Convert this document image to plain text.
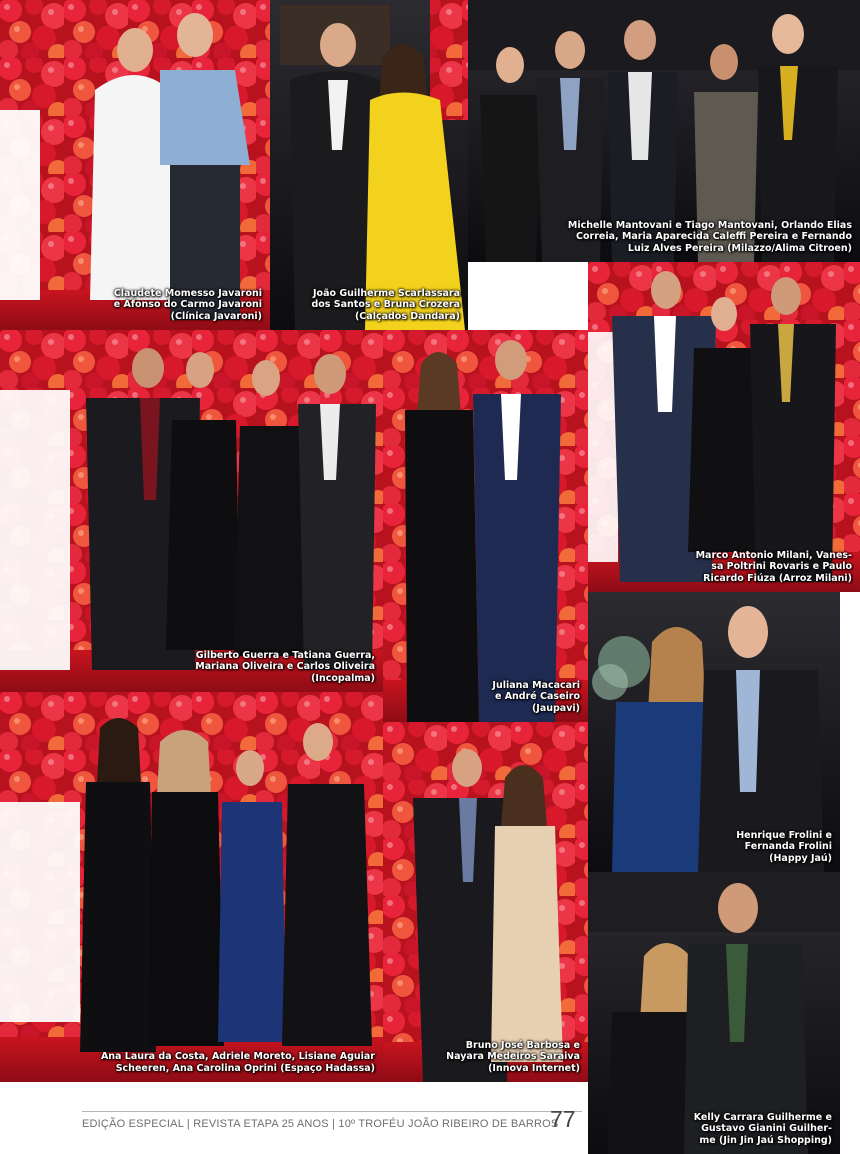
Claudete Momesso Javaroni
e Afonso do Carmo Javaroni
(Clínica Javaroni)
João Guilherme Scarlassara
dos Santos e Bruna Crozera
(Calçados Dandara)
Michelle Mantovani e Tiago Mantovani, Orlando Elias
Correia, Maria Aparecida Caleffi Pereira e Fernando
Luiz Alves Pereira (Milazzo/Alima Citroen)
Gilberto Guerra e Tatiana Guerra,
Mariana Oliveira e Carlos Oliveira
(Incopalma)
Juliana Macacari
e André Caseiro
(Jaupavi)
Marco Antonio Milani, Vanes-
sa Poltrini Rovaris e Paulo
Ricardo Fiúza (Arroz Milani)
Ana Laura da Costa, Adriele Moreto, Lisiane Aguiar
Scheeren, Ana Carolina Oprini (Espaço Hadassa)
Bruno José Barbosa e
Nayara Medeiros Saraiva
(Innova Internet)
Henrique Frolini e
Fernanda Frolini
(Happy Jaú)
Kelly Carrara Guilherme e
Gustavo Gianini Guilher-
me (Jin Jin Jaú Shopping)
EDIÇÃO ESPECIAL | REVISTA ETAPA 25 ANOS | 10º TROFÉU JOÃO RIBEIRO DE BARROS
77
